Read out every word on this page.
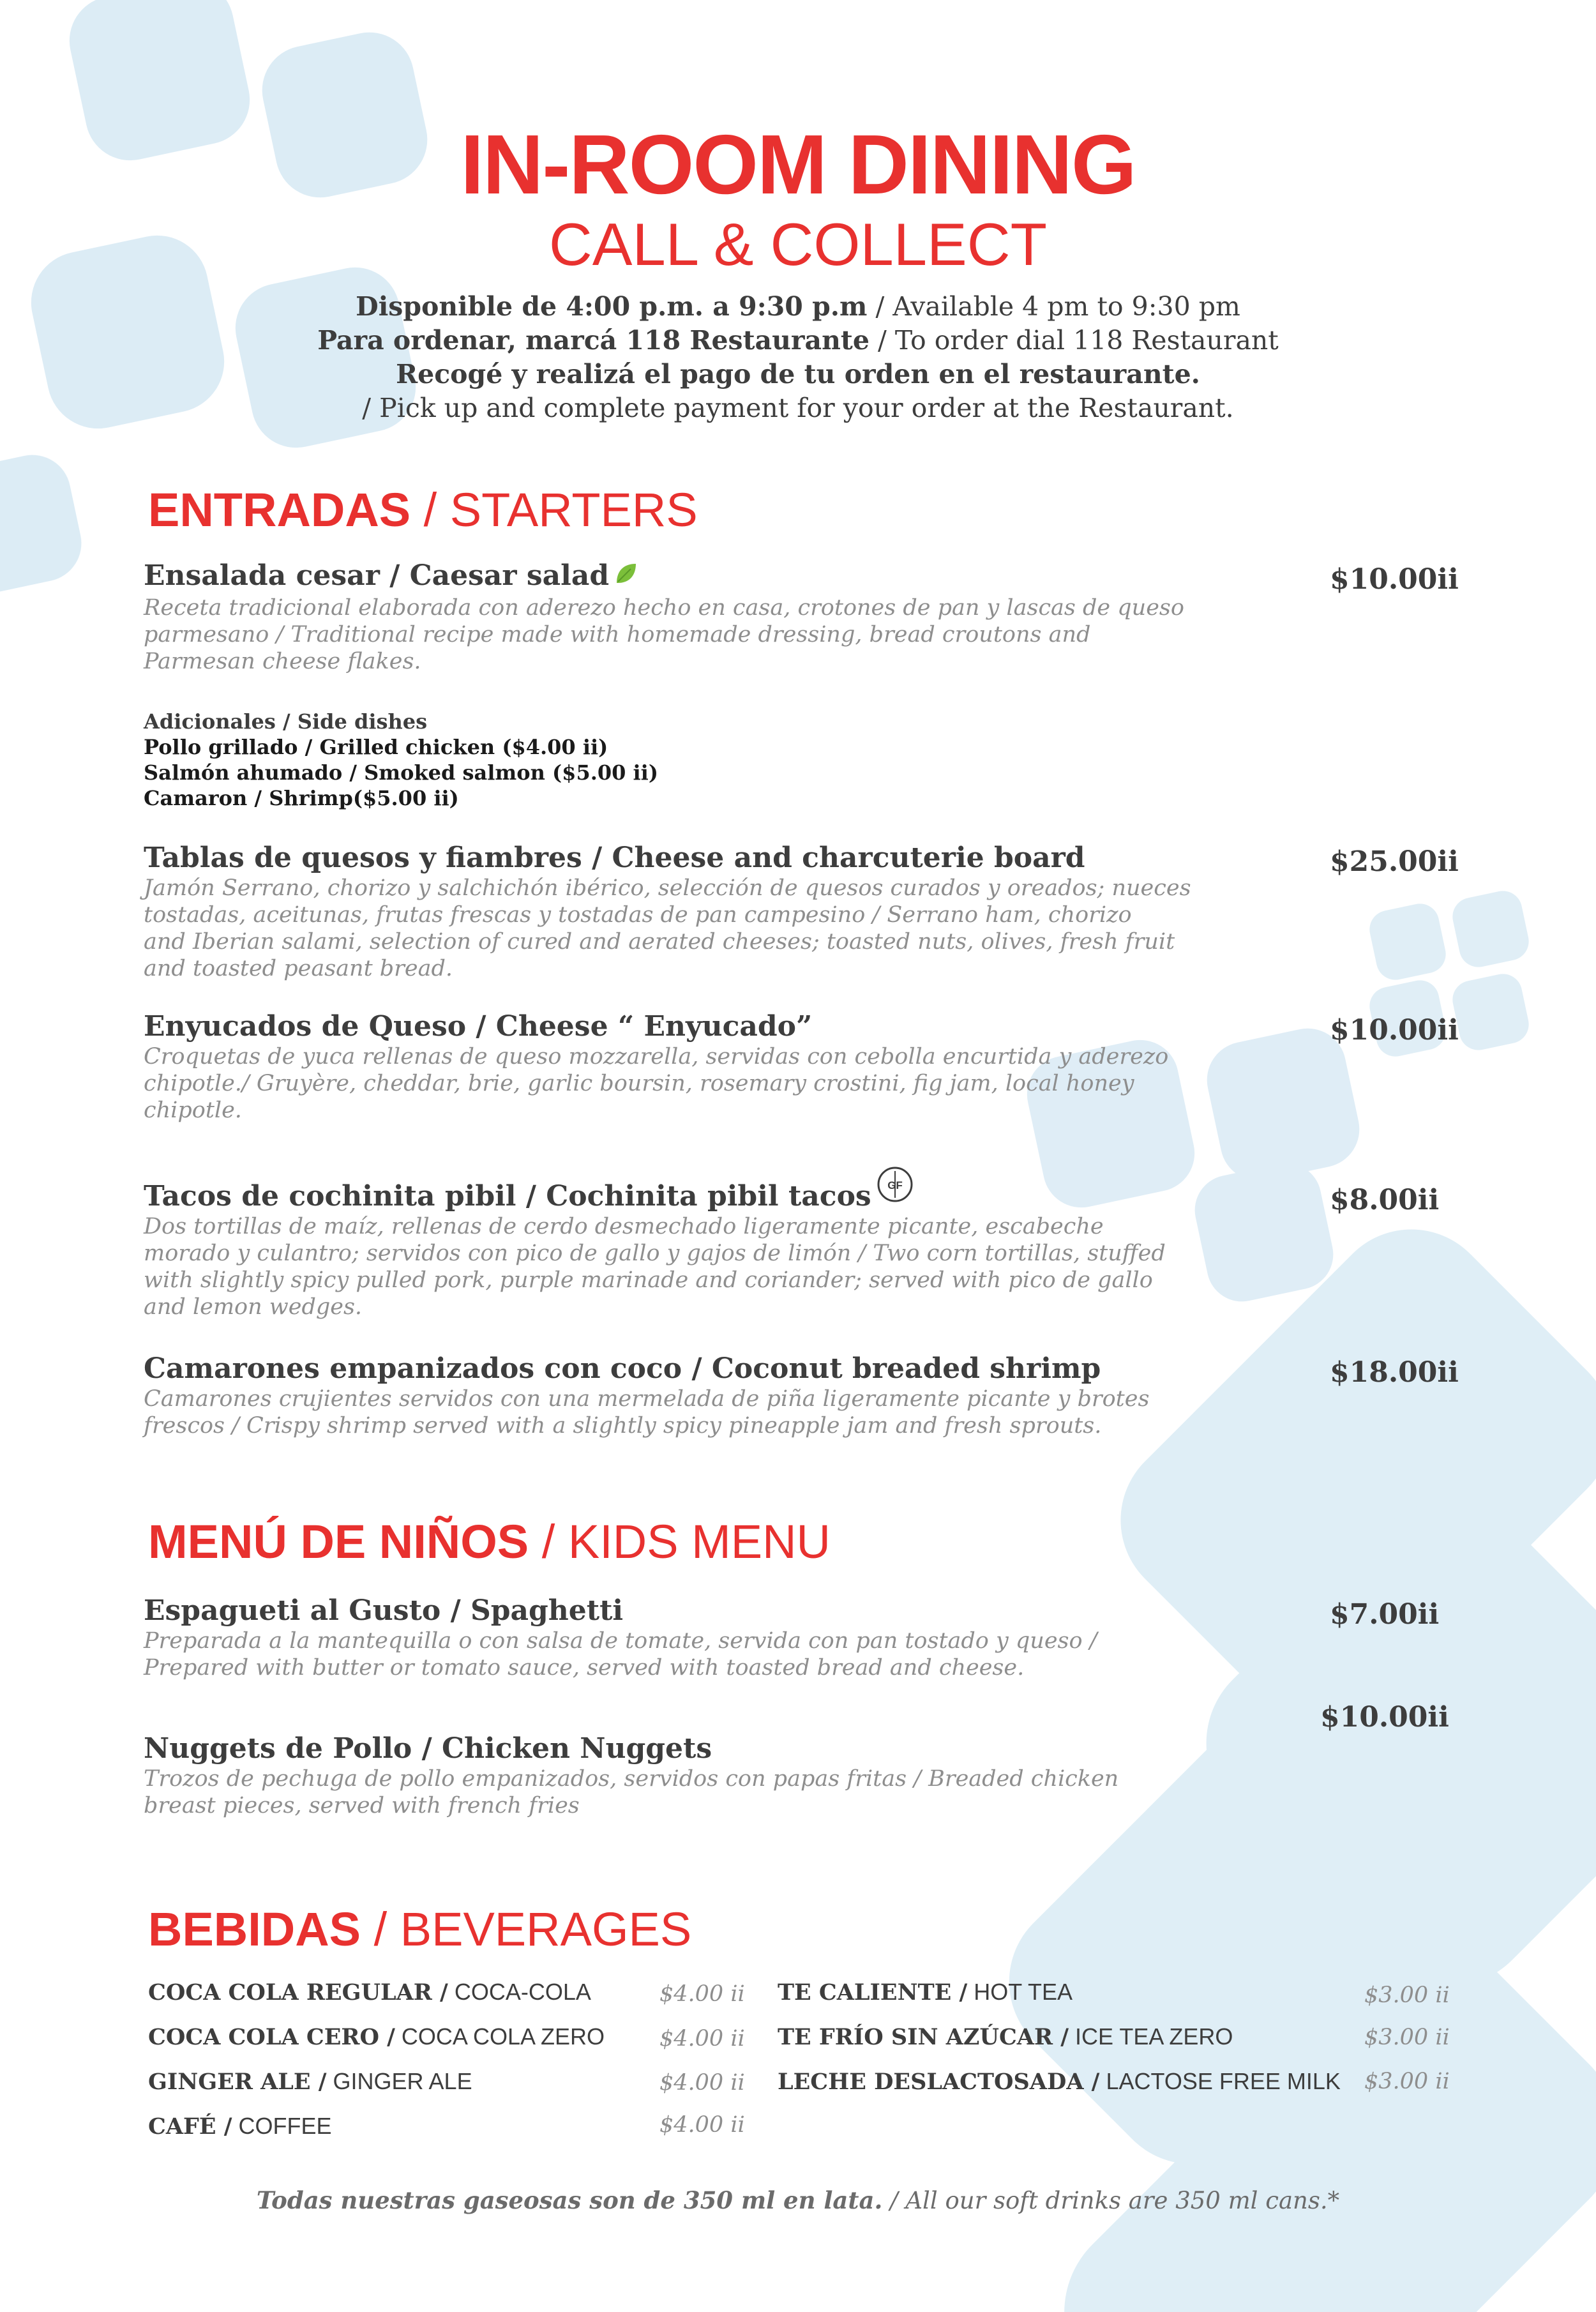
IN-ROOM DINING
CALL & COLLECT
Disponible de 4:00 p.m. a 9:30 p.m / Available 4 pm to 9:30 pm
Para ordenar, marcá 118 Restaurante / To order dial 118 Restaurant
Recogé y realizá el pago de tu orden en el restaurante.
/ Pick up and complete payment for your order at the Restaurant.
ENTRADAS / STARTERS
Ensalada cesar / Caesar salad
Receta tradicional elaborada con aderezo hecho en casa, crotones de pan y lascas de queso
parmesano / Traditional recipe made with homemade dressing, bread croutons and
Parmesan cheese flakes.
$10.00ii
Adicionales / Side dishes
Pollo grillado / Grilled chicken ($4.00 ii)
Salmón ahumado / Smoked salmon ($5.00 ii)
Camaron / Shrimp($5.00 ii)
Tablas de quesos y fiambres / Cheese and charcuterie board
Jamón Serrano, chorizo y salchichón ibérico, selección de quesos curados y oreados; nueces
tostadas, aceitunas, frutas frescas y tostadas de pan campesino / Serrano ham, chorizo
and Iberian salami, selection of cured and aerated cheeses; toasted nuts, olives, fresh fruit
and toasted peasant bread.
$25.00ii
Enyucados de Queso / Cheese “ Enyucado”
Croquetas de yuca rellenas de queso mozzarella, servidas con cebolla encurtida y aderezo
chipotle./ Gruyère, cheddar, brie, garlic boursin, rosemary crostini, fig jam, local honey
chipotle.
$10.00ii
Tacos de cochinita pibil / Cochinita pibil tacos GF
Dos tortillas de maíz, rellenas de cerdo desmechado ligeramente picante, escabeche
morado y culantro; servidos con pico de gallo y gajos de limón / Two corn tortillas, stuffed
with slightly spicy pulled pork, purple marinade and coriander; served with pico de gallo
and lemon wedges.
$8.00ii
Camarones empanizados con coco / Coconut breaded shrimp
Camarones crujientes servidos con una mermelada de piña ligeramente picante y brotes
frescos / Crispy shrimp served with a slightly spicy pineapple jam and fresh sprouts.
$18.00ii
MENÚ DE NIÑOS / KIDS MENU
Espagueti al Gusto / Spaghetti
Preparada a la mantequilla o con salsa de tomate, servida con pan tostado y queso /
Prepared with butter or tomato sauce, served with toasted bread and cheese.
$7.00ii
$10.00ii
Nuggets de Pollo / Chicken Nuggets
Trozos de pechuga de pollo empanizados, servidos con papas fritas / Breaded chicken
breast pieces, served with french fries
BEBIDAS / BEVERAGES
COCA COLA REGULAR / COCA-COLA	$4.00 ii
COCA COLA CERO / COCA COLA ZERO $4.00 ii
GINGER ALE / GINGER ALE	$4.00 ii
CAFÉ / COFFEE	$4.00 ii
TE CALIENTE / HOT TEA	$3.00 ii
TE FRÍO SIN AZÚCAR / ICE TEA ZERO	$3.00 ii
LECHE DESLACTOSADA / LACTOSE FREE MILK $3.00 ii
Todas nuestras gaseosas son de 350 ml en lata. / All our soft drinks are 350 ml cans.*
